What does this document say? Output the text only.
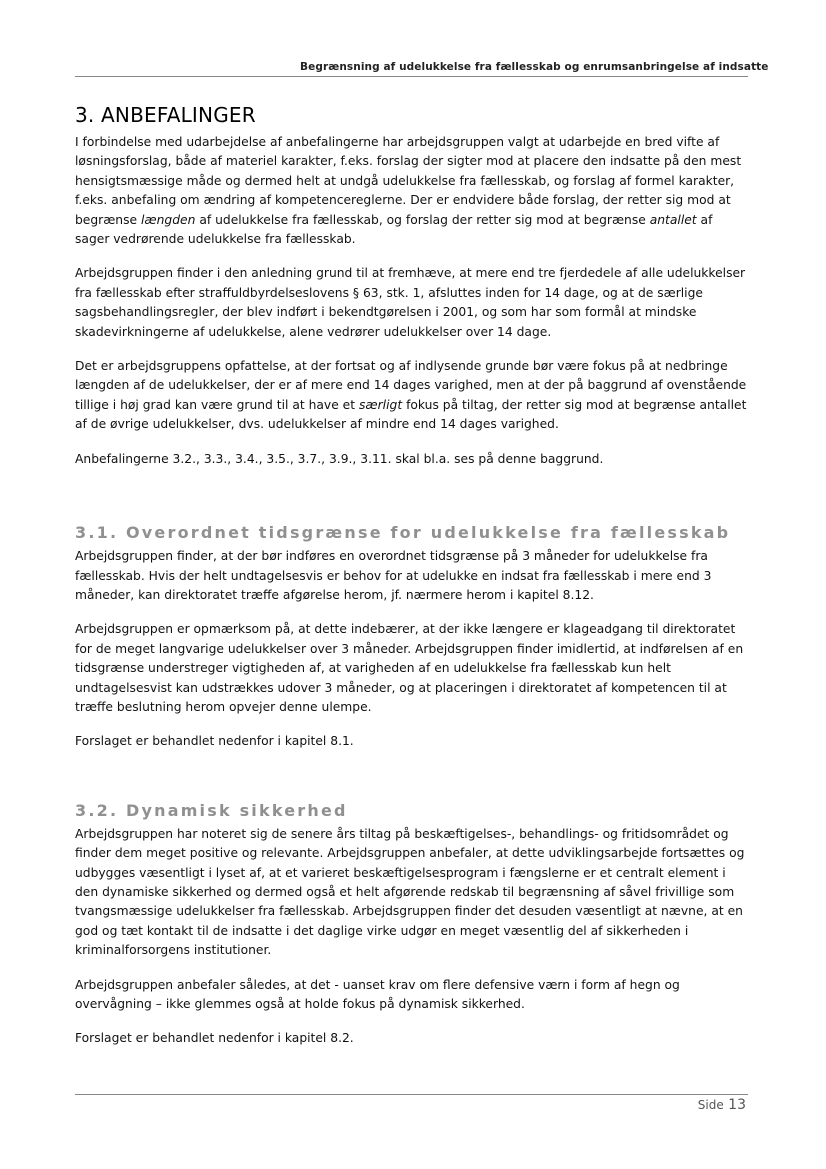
Begrænsning af udelukkelse fra fællesskab og enrumsanbringelse af indsatte
3. ANBEFALINGER

I forbindelse med udarbejdelse af anbefalingerne har arbejdsgruppen valgt at udarbejde en bred vifte af løsningsforslag, både af materiel karakter, f.eks. forslag der sigter mod at placere den indsatte på den mest hensigtsmæssige måde og dermed helt at undgå udelukkelse fra fællesskab, og forslag af formel karakter, f.eks. anbefaling om ændring af kompetencereglerne. Der er endvidere både forslag, der retter sig mod at begrænse længden af udelukkelse fra fællesskab, og forslag der retter sig mod at begrænse antallet af sager vedrørende udelukkelse fra fællesskab.

Arbejdsgruppen finder i den anledning grund til at fremhæve, at mere end tre fjerdedele af alle udelukkelser fra fællesskab efter straffuldbyrdelseslovens § 63, stk. 1, afsluttes inden for 14 dage, og at de særlige sagsbehandlingsregler, der blev indført i bekendtgørelsen i 2001, og som har som formål at mindske skadevirkningerne af udelukkelse, alene vedrører udelukkelser over 14 dage.

Det er arbejdsgruppens opfattelse, at der fortsat og af indlysende grunde bør være fokus på at nedbringe længden af de udelukkelser, der er af mere end 14 dages varighed, men at der på baggrund af ovenstående tillige i høj grad kan være grund til at have et særligt fokus på tiltag, der retter sig mod at begrænse antallet af de øvrige udelukkelser, dvs. udelukkelser af mindre end 14 dages varighed.

Anbefalingerne 3.2., 3.3., 3.4., 3.5., 3.7., 3.9., 3.11. skal bl.a. ses på denne baggrund.

3.1. Overordnet tidsgrænse for udelukkelse fra fællesskab

Arbejdsgruppen finder, at der bør indføres en overordnet tidsgrænse på 3 måneder for udelukkelse fra fællesskab. Hvis der helt undtagelsesvis er behov for at udelukke en indsat fra fællesskab i mere end 3 måneder, kan direktoratet træffe afgørelse herom, jf. nærmere herom i kapitel 8.12.

Arbejdsgruppen er opmærksom på, at dette indebærer, at der ikke længere er klageadgang til direktoratet for de meget langvarige udelukkelser over 3 måneder. Arbejdsgruppen finder imidlertid, at indførelsen af en tidsgrænse understreger vigtigheden af, at varigheden af en udelukkelse fra fællesskab kun helt undtagelsesvist kan udstrækkes udover 3 måneder, og at placeringen i direktoratet af kompetencen til at træffe beslutning herom opvejer denne ulempe.

Forslaget er behandlet nedenfor i kapitel 8.1.

3.2. Dynamisk sikkerhed

Arbejdsgruppen har noteret sig de senere års tiltag på beskæftigelses-, behandlings- og fritidsområdet og finder dem meget positive og relevante. Arbejdsgruppen anbefaler, at dette udviklingsarbejde fortsættes og udbygges væsentligt i lyset af, at et varieret beskæftigelsesprogram i fængslerne er et centralt element i den dynamiske sikkerhed og dermed også et helt afgørende redskab til begrænsning af såvel frivillige som tvangsmæssige udelukkelser fra fællesskab. Arbejdsgruppen finder det desuden væsentligt at nævne, at en god og tæt kontakt til de indsatte i det daglige virke udgør en meget væsentlig del af sikkerheden i kriminalforsorgens institutioner.

Arbejdsgruppen anbefaler således, at det - uanset krav om flere defensive værn i form af hegn og overvågning – ikke glemmes også at holde fokus på dynamisk sikkerhed.

Forslaget er behandlet nedenfor i kapitel 8.2.

Side 13
